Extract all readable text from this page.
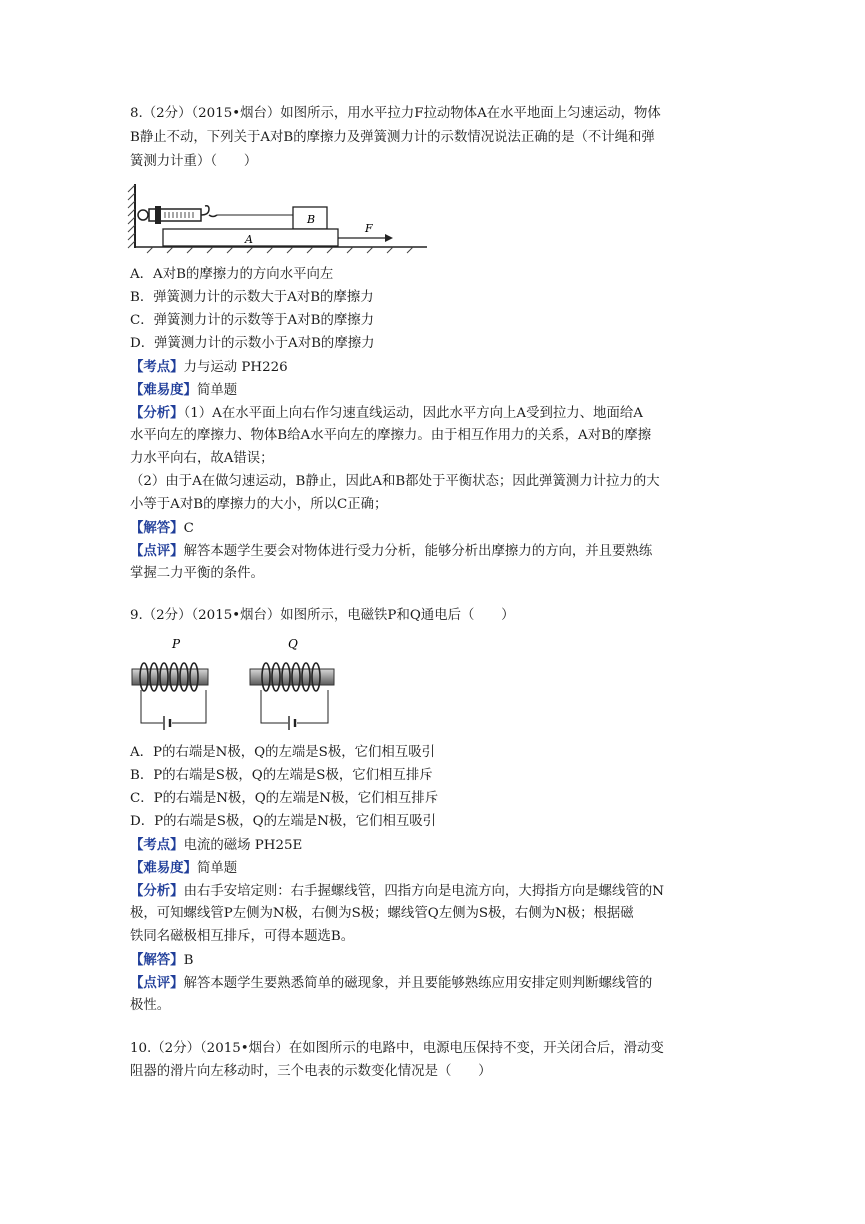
8.（2分）（2015•烟台）如图所示，用水平拉力F拉动物体A在水平地面上匀速运动，物体
B静止不动，下列关于A对B的摩擦力及弹簧测力计的示数情况说法正确的是（不计绳和弹
簧测力计重）（　　）
B
A
F
A．A对B的摩擦力的方向水平向左
B．弹簧测力计的示数大于A对B的摩擦力
C．弹簧测力计的示数等于A对B的摩擦力
D．弹簧测力计的示数小于A对B的摩擦力
【考点】力与运动 PH226
【难易度】简单题
【分析】（1）A在水平面上向右作匀速直线运动，因此水平方向上A受到拉力、地面给A
水平向左的摩擦力、物体B给A水平向左的摩擦力。由于相互作用力的关系，A对B的摩擦
力水平向右，故A错误；
（2）由于A在做匀速运动，B静止，因此A和B都处于平衡状态；因此弹簧测力计拉力的大
小等于A对B的摩擦力的大小，所以C正确；
【解答】C
【点评】解答本题学生要会对物体进行受力分析，能够分析出摩擦力的方向，并且要熟练
掌握二力平衡的条件。
9.（2分）（2015•烟台）如图所示，电磁铁P和Q通电后（　　）
P	Q
A．P的右端是N极，Q的左端是S极，它们相互吸引
B．P的右端是S极，Q的左端是S极，它们相互排斥
C．P的右端是N极，Q的左端是N极，它们相互排斥
D．P的右端是S极，Q的左端是N极，它们相互吸引
【考点】电流的磁场 PH25E
【难易度】简单题
【分析】由右手安培定则：右手握螺线管，四指方向是电流方向，大拇指方向是螺线管的N
极，可知螺线管P左侧为N极，右侧为S极；螺线管Q左侧为S极，右侧为N极；根据磁
铁同名磁极相互排斥，可得本题选B。
【解答】B
【点评】解答本题学生要熟悉简单的磁现象，并且要能够熟练应用安排定则判断螺线管的
极性。
10.（2分）（2015•烟台）在如图所示的电路中，电源电压保持不变，开关闭合后，滑动变
阻器的滑片向左移动时，三个电表的示数变化情况是（　　）
